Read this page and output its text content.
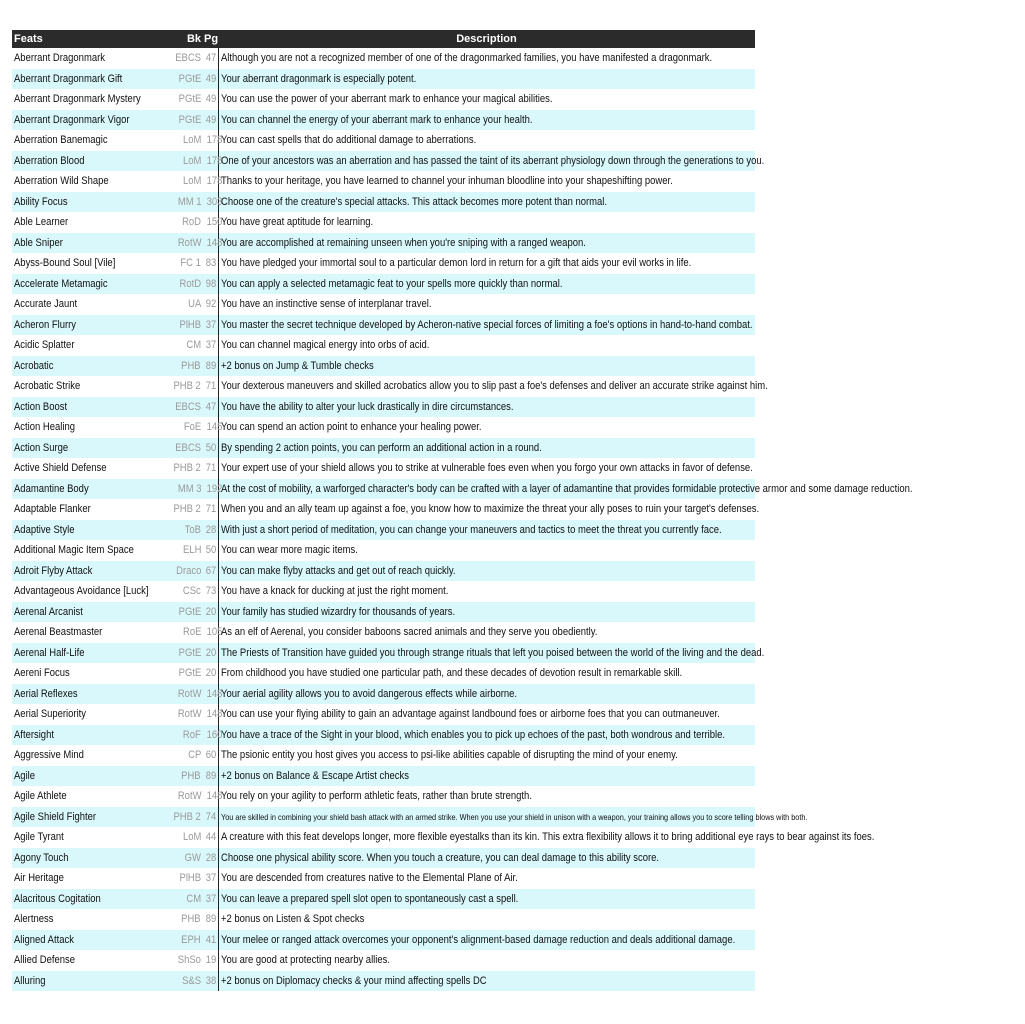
Feats	Bk	Pg	Description
Aberrant Dragonmark	EBCS	47	Although you are not a recognized member of one of the dragonmarked families, you have manifested a dragonmark.
Aberrant Dragonmark Gift	PGtE	49	Your aberrant dragonmark is especially potent.
Aberrant Dragonmark Mystery	PGtE	49	You can use the power of your aberrant mark to enhance your magical abilities.
Aberrant Dragonmark Vigor	PGtE	49	You can channel the energy of your aberrant mark to enhance your health.
Aberration Banemagic	LoM	178	You can cast spells that do additional damage to aberrations.
Aberration Blood	LoM	178	One of your ancestors was an aberration and has passed the taint of its aberrant physiology down through the generations to you.
Aberration Wild Shape	LoM	178	Thanks to your heritage, you have learned to channel your inhuman bloodline into your shapeshifting power.
Ability Focus	MM 1	303	Choose one of the creature's special attacks. This attack becomes more potent than normal.
Able Learner	RoD	150	You have great aptitude for learning.
Able Sniper	RotW	148	You are accomplished at remaining unseen when you're sniping with a ranged weapon.
Abyss-Bound Soul [Vile]	FC 1	83	You have pledged your immortal soul to a particular demon lord in return for a gift that aids your evil works in life.
Accelerate Metamagic	RotD	98	You can apply a selected metamagic feat to your spells more quickly than normal.
Accurate Jaunt	UA	92	You have an instinctive sense of interplanar travel.
Acheron Flurry	PlHB	37	You master the secret technique developed by Acheron-native special forces of limiting a foe's options in hand-to-hand combat.
Acidic Splatter	CM	37	You can channel magical energy into orbs of acid.
Acrobatic	PHB	89	+2 bonus on Jump & Tumble checks
Acrobatic Strike	PHB 2	71	Your dexterous maneuvers and skilled acrobatics allow you to slip past a foe's defenses and deliver an accurate strike against him.
Action Boost	EBCS	47	You have the ability to alter your luck drastically in dire circumstances.
Action Healing	FoE	145	You can spend an action point to enhance your healing power.
Action Surge	EBCS	50	By spending 2 action points, you can perform an additional action in a round.
Active Shield Defense	PHB 2	71	Your expert use of your shield allows you to strike at vulnerable foes even when you forgo your own attacks in favor of defense.
Adamantine Body	MM 3	192	At the cost of mobility, a warforged character's body can be crafted with a layer of adamantine that provides formidable protective armor and some damage reduction.
Adaptable Flanker	PHB 2	71	When you and an ally team up against a foe, you know how to maximize the threat your ally poses to ruin your target's defenses.
Adaptive Style	ToB	28	With just a short period of meditation, you can change your maneuvers and tactics to meet the threat you currently face.
Additional Magic Item Space	ELH	50	You can wear more magic items.
Adroit Flyby Attack	Draco	67	You can make flyby attacks and get out of reach quickly.
Advantageous Avoidance [Luck]	CSc	73	You have a knack for ducking at just the right moment.
Aerenal Arcanist	PGtE	20	Your family has studied wizardry for thousands of years.
Aerenal Beastmaster	RoE	105	As an elf of Aerenal, you consider baboons sacred animals and they serve you obediently.
Aerenal Half-Life	PGtE	20	The Priests of Transition have guided you through strange rituals that left you poised between the world of the living and the dead.
Aereni Focus	PGtE	20	From childhood you have studied one particular path, and these decades of devotion result in remarkable skill.
Aerial Reflexes	RotW	148	Your aerial agility allows you to avoid dangerous effects while airborne.
Aerial Superiority	RotW	148	You can use your flying ability to gain an advantage against landbound foes or airborne foes that you can outmaneuver.
Aftersight	RoF	160	You have a trace of the Sight in your blood, which enables you to pick up echoes of the past, both wondrous and terrible.
Aggressive Mind	CP	60	The psionic entity you host gives you access to psi-like abilities capable of disrupting the mind of your enemy.
Agile	PHB	89	+2 bonus on Balance & Escape Artist checks
Agile Athlete	RotW	148	You rely on your agility to perform athletic feats, rather than brute strength.
Agile Shield Fighter	PHB 2	74	You are skilled in combining your shield bash attack with an armed strike. When you use your shield in unison with a weapon, your training allows you to score telling blows with both.
Agile Tyrant	LoM	44	A creature with this feat develops longer, more flexible eyestalks than its kin. This extra flexibility allows it to bring additional eye rays to bear against its foes.
Agony Touch	GW	28	Choose one physical ability score. When you touch a creature, you can deal damage to this ability score.
Air Heritage	PlHB	37	You are descended from creatures native to the Elemental Plane of Air.
Alacritous Cogitation	CM	37	You can leave a prepared spell slot open to spontaneously cast a spell.
Alertness	PHB	89	+2 bonus on Listen & Spot checks
Aligned Attack	EPH	41	Your melee or ranged attack overcomes your opponent's alignment-based damage reduction and deals additional damage.
Allied Defense	ShSo	19	You are good at protecting nearby allies.
Alluring	S&S	38	+2 bonus on Diplomacy checks & your mind affecting spells DC
